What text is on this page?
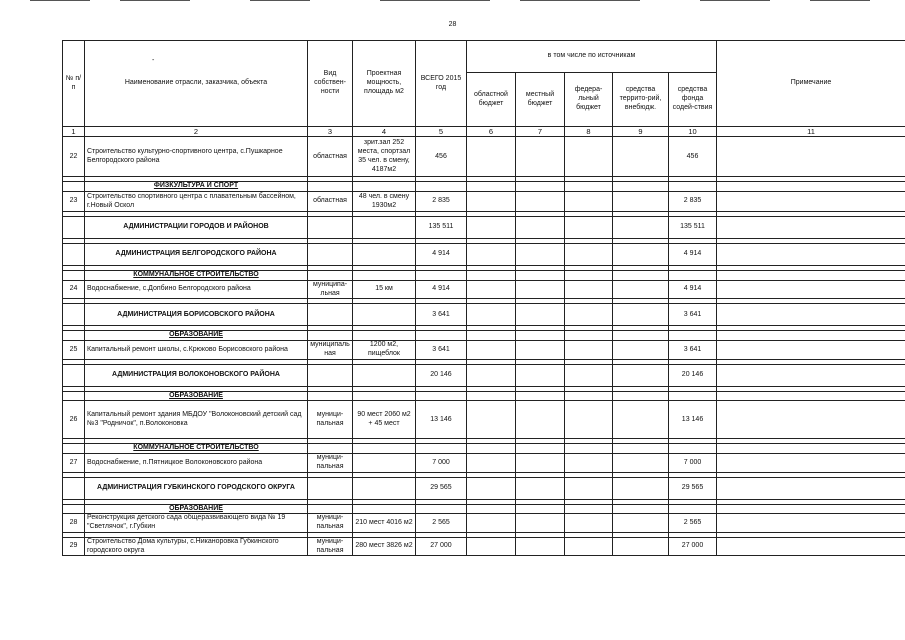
28
-
№ п/п	Наименование отрасли, заказчика, объекта	Вид собствен-ности	Проектная мощность, площадь м2	ВСЕГО 2015 год	в том числе по источникам					Примечание
					областной бюджет	местный бюджет	федера-льный бюджет	средства террито-рий, внебюдж.	средства фонда содей-ствия	
1	2	3	4	5	6	7	8	9	10	11
22	Строительство культурно-спортивного центра, с.Пушкарное Белгородского района	областная	зрит.зал 252 места, спортзал 35 чел. в смену, 4187м2	456					456	

	ФИЗКУЛЬТУРА И СПОРТ									
23	Строительство спортивного центра с плавательным бассейном, г.Новый Оскол	областная	48 чел. в смену 1930м2	2 835					2 835	

	АДМИНИСТРАЦИИ ГОРОДОВ И РАЙОНОВ			135 511					135 511	

	АДМИНИСТРАЦИЯ БЕЛГОРОДСКОГО РАЙОНА			4 914					4 914	

	КОММУНАЛЬНОЕ СТРОИТЕЛЬСТВО									
24	Водоснабжение, с.Допбино Белгородского района	муниципа-льная	15 км	4 914					4 914	

	АДМИНИСТРАЦИЯ БОРИСОВСКОГО РАЙОНА			3 641					3 641	

	ОБРАЗОВАНИЕ									
25	Капитальный ремонт школы, с.Крюково Борисовского района	муниципаль ная	1200 м2, пищеблок	3 641					3 641	

	АДМИНИСТРАЦИЯ ВОЛОКОНОВСКОГО РАЙОНА			20 146					20 146	

	ОБРАЗОВАНИЕ									
26	Капитальный ремонт здания МБДОУ "Волоконовский детский сад №3 "Родничок", п.Волоконовка	муници-пальная	90 мест 2060 м2 + 45 мест	13 146					13 146	

	КОММУНАЛЬНОЕ СТРОИТЕЛЬСТВО									
27	Водоснабжение, п.Пятницкое Волоконовского района	муници-пальная		7 000					7 000	

	АДМИНИСТРАЦИЯ ГУБКИНСКОГО ГОРОДСКОГО ОКРУГА			29 565					29 565	

	ОБРАЗОВАНИЕ									
28	Реконструкция детского сада общеразвивающего вида № 19 "Светлячок", г.Губкин	муници-пальная	210 мест 4016 м2	2 565					2 565	

29	Строительство Дома культуры, с.Никаноровка Губкинского городского округа	муници-пальная	280 мест 3826 м2	27 000					27 000	
